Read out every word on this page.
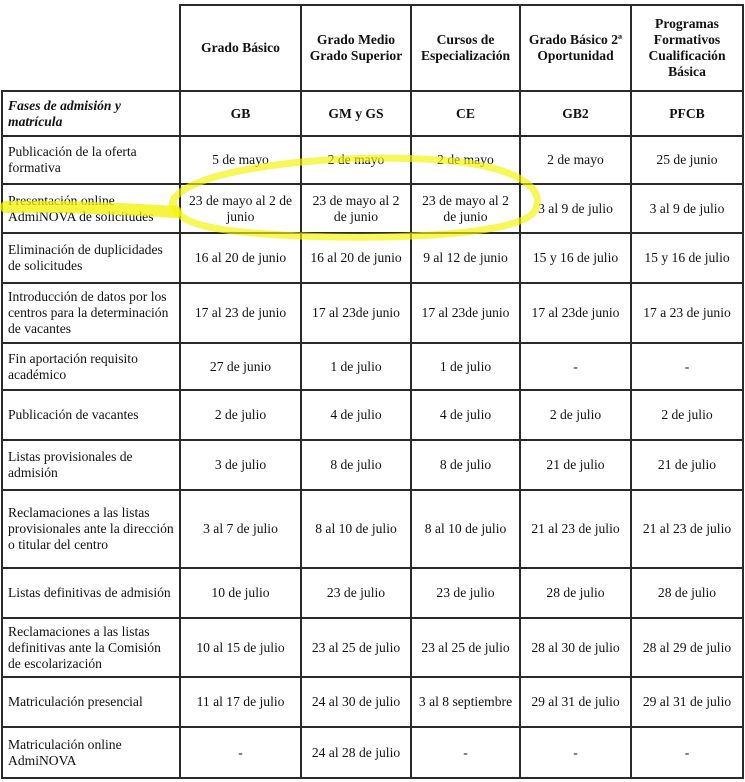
	Grado Básico	Grado Medio Grado Superior	Cursos de Especialización	Grado Básico 2ª Oportunidad	Programas Formativos Cualificación Básica
Fases de admisión y matrícula	GB	GM y GS	CE	GB2	PFCB
Publicación de la oferta formativa	5 de mayo	2 de mayo	2 de mayo	2 de mayo	25 de junio
Presentación online AdmiNOVA de solicitudes	23 de mayo al 2 de junio	23 de mayo al 2 de junio	23 de mayo al 2 de junio	3 al 9 de julio	3 al 9 de julio
Eliminación de duplicidades de solicitudes	16 al 20 de junio	16 al 20 de junio	9 al 12 de junio	15 y 16 de julio	15 y 16 de julio
Introducción de datos por los centros para la determinación de vacantes	17 al 23 de junio	17 al 23de junio	17 al 23de junio	17 al 23de junio	17 a 23 de junio
Fin aportación requisito académico	27 de junio	1 de julio	1 de julio	-	-
Publicación de vacantes	2 de julio	4 de julio	4 de julio	2 de julio	2 de julio
Listas provisionales de admisión	3 de julio	8 de julio	8 de julio	21 de julio	21 de julio
Reclamaciones a las listas provisionales ante la dirección o titular del centro	3 al 7 de julio	8 al 10 de julio	8 al 10 de julio	21 al 23 de julio	21 al 23 de julio
Listas definitivas de admisión	10 de julio	23 de julio	23 de julio	28 de julio	28 de julio
Reclamaciones a las listas definitivas ante la Comisión de escolarización	10 al 15 de julio	23 al 25 de julio	23 al 25 de julio	28 al 30 de julio	28 al 29 de julio
Matriculación presencial	11 al 17 de julio	24 al 30 de julio	3 al 8 septiembre	29 al 31 de julio	29 al 31 de julio
Matriculación online AdmiNOVA	-	24 al 28 de julio	-	-	-
